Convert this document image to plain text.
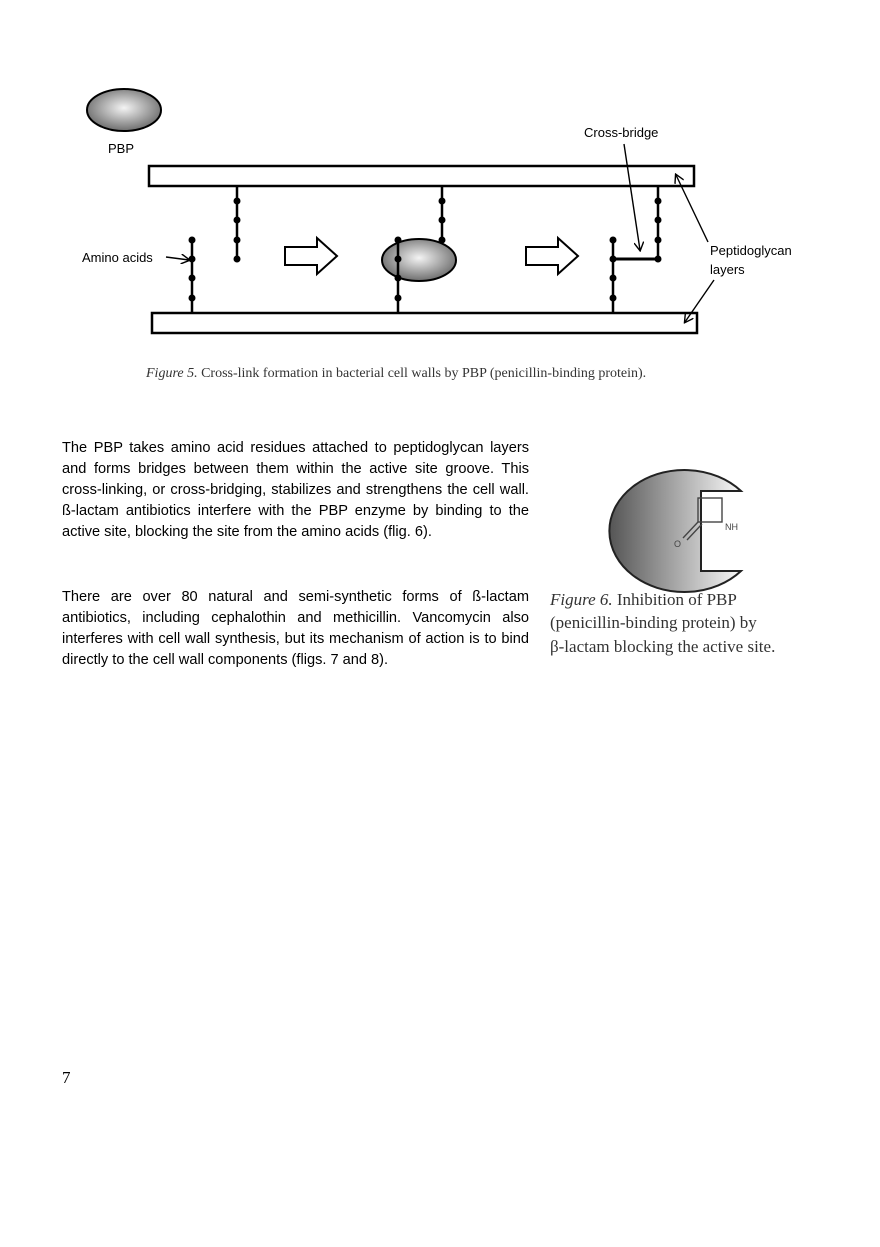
PBP
Amino acids
Cross-bridge
Peptidoglycan
layers
Figure 5. Cross-link formation in bacterial cell walls by PBP (penicillin-binding protein).
NH
O
Figure 6. Inhibition of PBP
(penicillin-binding protein) by
β-lactam blocking the active site.

The PBP takes amino acid residues attached to peptidoglycan layers and forms bridges between them within the active site groove. This cross-linking, or cross-bridging, stabilizes and strengthens the cell wall. ß-lactam antibiotics interfere with the PBP enzyme by binding to the active site, blocking the site from the amino acids (flig. 6).

There are over 80 natural and semi-synthetic forms of ß-lactam antibiotics, including cephalothin and methicillin. Vancomycin also interferes with cell wall synthesis, but its mechanism of action is to bind directly to the cell wall components (fligs. 7 and 8).

7
